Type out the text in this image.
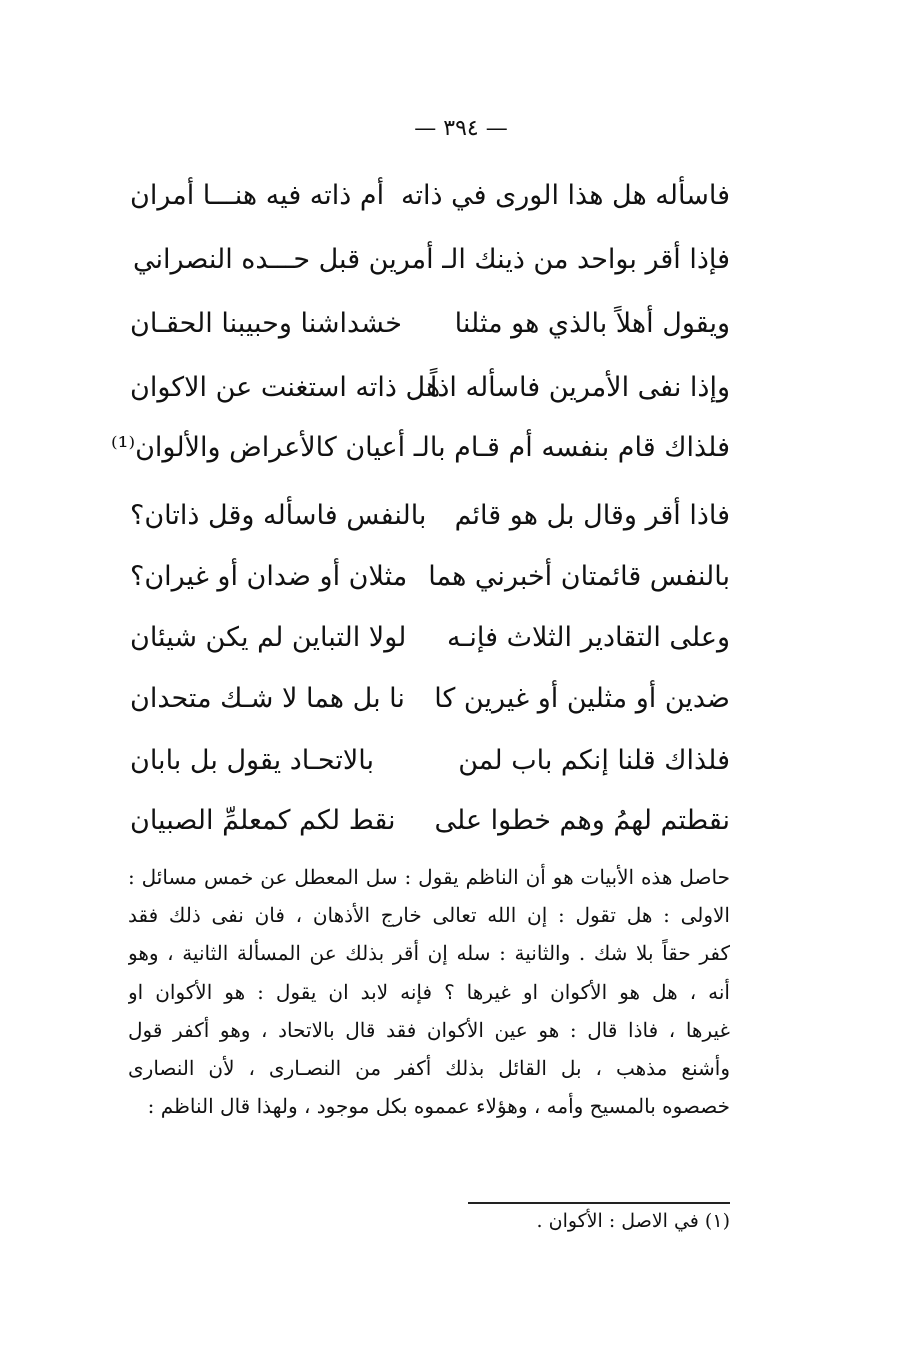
— ٣٩٤ —
فاسأله هل هذا الورى في ذاته
أم ذاته فيه هنـــا أمران
فإذا أقر بواحد من ذينك الـ أمرين قبل حـــده النصراني
ويقول أهلاً بالذي هو مثلنا
خشداشنا وحبيبنا الحقـان
وإذا نفى الأمرين فاسأله اذاً
هل ذاته استغنت عن الاكوان
فلذاك قام بنفسه أم قـام بالـ أعيان كالأعراض والألوان⁽¹⁾
فاذا أقر وقال بل هو قائم
بالنفس فاسأله وقل ذاتان؟
بالنفس قائمتان أخبرني هما
مثلان أو ضدان أو غيران؟
وعلى التقادير الثلاث فإنـه
لولا التباين لم يكن شيئان
ضدين أو مثلين أو غيرين كا
نا بل هما لا شـك متحدان
فلذاك قلنا إنكم باب لمن
بالاتحـاد يقول بل بابان
نقطتم لهمُ وهم خطوا على
نقط لكم كمعلمِّ الصبيان
حاصل هذه الأبيات هو أن الناظم يقول : سل المعطل عن خمس مسائل :
الاولى : هل تقول : إن الله تعالى خارج الأذهان ، فان نفى ذلك فقد
كفر حقاً بلا شك . والثانية : سله إن أقر بذلك عن المسألة الثانية ، وهو
أنه ، هل هو الأكوان او غيرها ؟ فإنه لابد ان يقول : هو الأكوان او
غيرها ، فاذا قال : هو عين الأكوان فقد قال بالاتحاد ، وهو أكفر قول
وأشنع مذهب ، بل القائل بذلك أكفر من النصـارى ، لأن النصارى
خصصوه بالمسيح وأمه ، وهؤلاء عمموه بكل موجود ، ولهذا قال الناظم :
(١) في الاصل : الأكوان .
